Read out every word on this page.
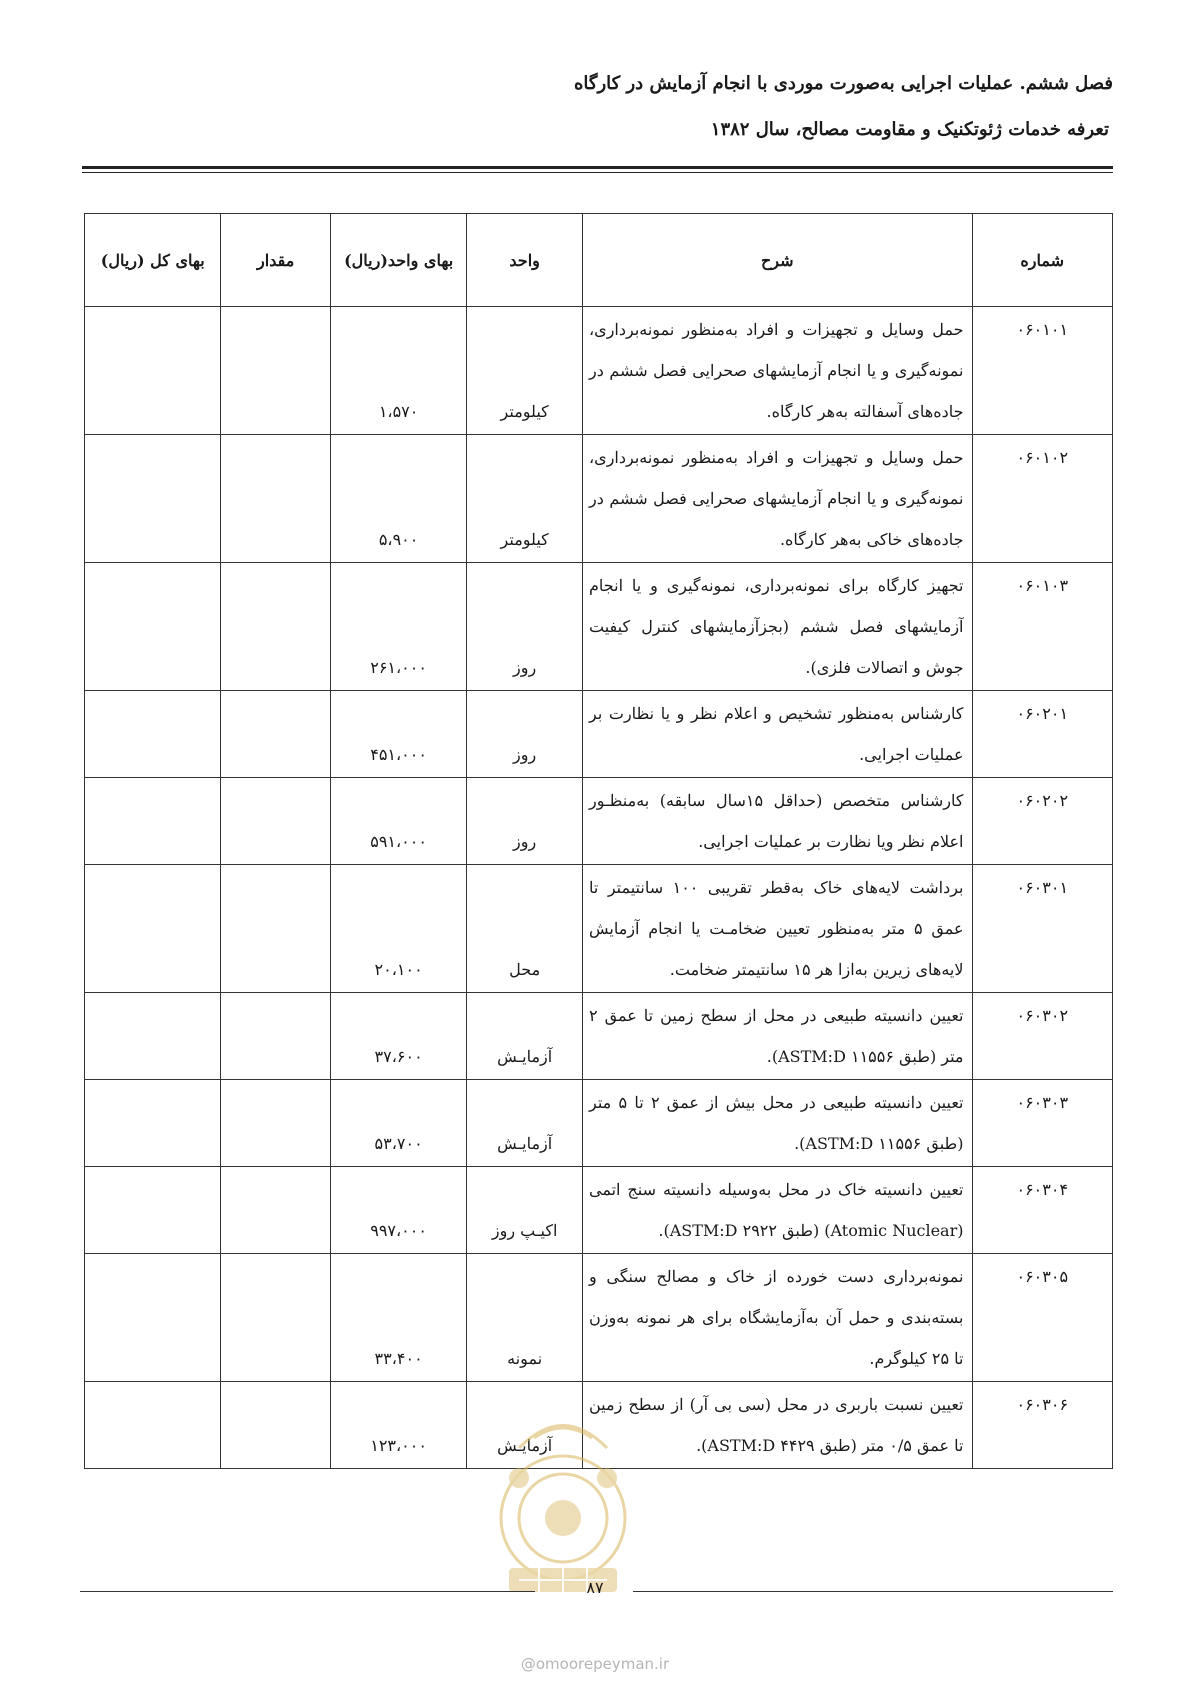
فصل ششم. عملیات اجرایی به‌صورت موردی با انجام آزمایش در کارگاه
تعرفه خدمات ژئوتکنیک و مقاومت مصالح، سال ۱۳۸۲
شماره	شرح	واحد	بهای واحد(ریال)	مقدار	بهای کل (ریال)
۰۶۰۱۰۱	حمل وسایل و تجهیزات و افراد به‌منظور نمونه‌برداری، نمونه‌گیری و یا انجام آزمایشهای صحرایی فصل ششم در جاده‌های آسفالته به‌هر کارگاه.	کیلومتر	۱،۵۷۰		
۰۶۰۱۰۲	حمل وسایل و تجهیزات و افراد به‌منظور نمونه‌برداری، نمونه‌گیری و یا انجام آزمایشهای صحرایی فصل ششم در جاده‌های خاکی به‌هر کارگاه.	کیلومتر	۵،۹۰۰		
۰۶۰۱۰۳	تجهیز کارگاه برای نمونه‌برداری، نمونه‌گیری و یا انجام آزمایشهای فصل ششم (بجزآزمایشهای کنترل کیفیت جوش و اتصالات فلزی).	روز	۲۶۱،۰۰۰		
۰۶۰۲۰۱	کارشناس به‌منظور تشخیص و اعلام نظر و یا نظارت بر عملیات اجرایی.	روز	۴۵۱،۰۰۰		
۰۶۰۲۰۲	کارشناس متخصص (حداقل ۱۵سال سابقه) به‌منظـور اعلام نظر ویا نظارت بر عملیات اجرایی.	روز	۵۹۱،۰۰۰		
۰۶۰۳۰۱	برداشت لایه‌های خاک به‌قطر تقریبی ۱۰۰ سانتیمتر تا عمق ۵ متر به‌منظور تعیین ضخامـت یا انجام آزمایش لایه‌های زیرین به‌ازا هر ۱۵ سانتیمتر ضخامت.	محل	۲۰،۱۰۰		
۰۶۰۳۰۲	تعیین دانسیته طبیعی در محل از سطح زمین تا عمق ۲ متر (طبق ASTM:D ۱۱۵۵۶).	آزمایـش	۳۷،۶۰۰		
۰۶۰۳۰۳	تعیین دانسیته طبیعی در محل بیش از عمق ۲ تا ۵ متر (طبق ASTM:D ۱۱۵۵۶).	آزمایـش	۵۳،۷۰۰		
۰۶۰۳۰۴	تعیین دانسیته خاک در محل به‌وسیله دانسیته سنج اتمی (Atomic Nuclear) (طبق ASTM:D ۲۹۲۲).	اکیـپ روز	۹۹۷،۰۰۰		
۰۶۰۳۰۵	نمونه‌برداری دست خورده از خاک و مصالح سنگی و بسته‌بندی و حمل آن به‌آزمایشگاه برای هر نمونه به‌وزن تا ۲۵ کیلوگرم.	نمونه	۳۳،۴۰۰		
۰۶۰۳۰۶	تعیین نسبت باربری در محل (سی بی آر) از سطح زمین تا عمق ۰/۵ متر (طبق ASTM:D ۴۴۲۹).	آزمایـش	۱۲۳،۰۰۰		
۸۷
@omoorepeyman.ir
